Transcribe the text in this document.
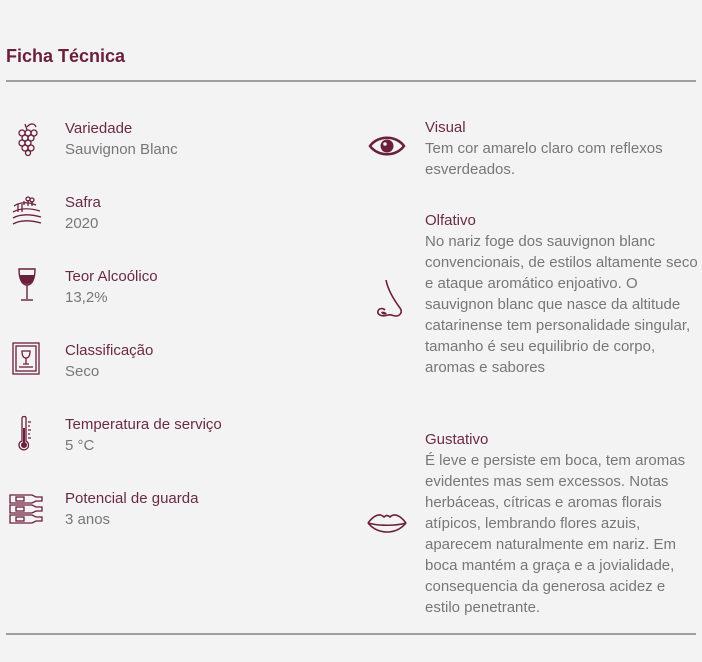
Ficha Técnica
Variedade
Sauvignon Blanc
Safra
2020
Teor Alcoólico
13,2%
Classificação
Seco
Temperatura de serviço
5 °C
Potencial de guarda
3 anos
Visual
Tem cor amarelo claro com reflexos esverdeados.
Olfativo
No nariz foge dos sauvignon blanc convencionais, de estilos altamente seco e ataque aromático enjoativo. O sauvignon blanc que nasce da altitude catarinense tem personalidade singular, tamanho é seu equilibrio de corpo, aromas e sabores
Gustativo
É leve e persiste em boca, tem aromas evidentes mas sem excessos. Notas herbáceas, cítricas e aromas florais atípicos, lembrando flores azuis, aparecem naturalmente em nariz. Em boca mantém a graça e a jovialidade, consequencia da generosa acidez e estilo penetrante.
